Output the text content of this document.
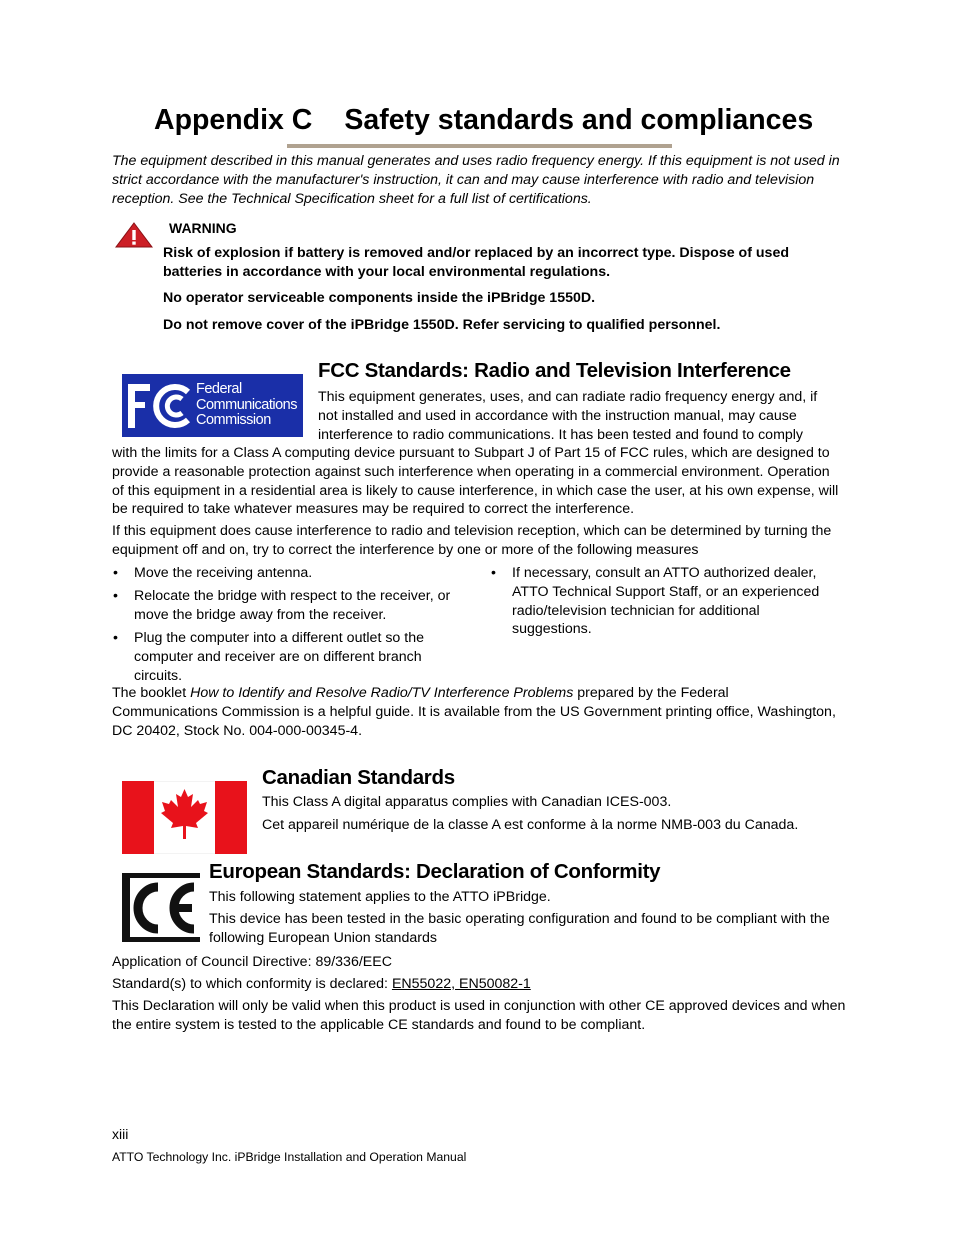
Appendix C Safety standards and compliances
The equipment described in this manual generates and uses radio frequency energy. If this equipment is not used in strict accordance with the manufacturer's instruction, it can and may cause interference with radio and television reception. See the Technical Specification sheet for a full list of certifications.
WARNING
Risk of explosion if battery is removed and/or replaced by an incorrect type. Dispose of used batteries in accordance with your local environmental regulations.
No operator serviceable components inside the iPBridge 1550D.
Do not remove cover of the iPBridge 1550D. Refer servicing to qualified personnel.
Federal
Communications
Commission
FCC Standards: Radio and Television Interference
This equipment generates, uses, and can radiate radio frequency energy and, if
not installed and used in accordance with the instruction manual, may cause
interference to radio communications. It has been tested and found to comply
with the limits for a Class A computing device pursuant to Subpart J of Part 15 of FCC rules, which are designed to provide a reasonable protection against such interference when operating in a commercial environment. Operation of this equipment in a residential area is likely to cause interference, in which case the user, at his own expense, will be required to take whatever measures may be required to correct the interference.
If this equipment does cause interference to radio and television reception, which can be determined by turning the equipment off and on, try to correct the interference by one or more of the following measures
• Move the receiving antenna.
• Relocate the bridge with respect to the receiver, or move the bridge away from the receiver.
• Plug the computer into a different outlet so the computer and receiver are on different branch circuits.
• If necessary, consult an ATTO authorized dealer, ATTO Technical Support Staff, or an experienced radio/television technician for additional suggestions.
The booklet How to Identify and Resolve Radio/TV Interference Problems prepared by the Federal Communications Commission is a helpful guide. It is available from the US Government printing office, Washington, DC 20402, Stock No. 004-000-00345-4.
Canadian Standards
This Class A digital apparatus complies with Canadian ICES-003.
Cet appareil numérique de la classe A est conforme à la norme NMB-003 du Canada.
European Standards: Declaration of Conformity
This following statement applies to the ATTO iPBridge.
This device has been tested in the basic operating configuration and found to be compliant with the following European Union standards
Application of Council Directive: 89/336/EEC
Standard(s) to which conformity is declared: EN55022, EN50082-1
This Declaration will only be valid when this product is used in conjunction with other CE approved devices and when the entire system is tested to the applicable CE standards and found to be compliant.
xiii
ATTO Technology Inc. iPBridge Installation and Operation Manual
